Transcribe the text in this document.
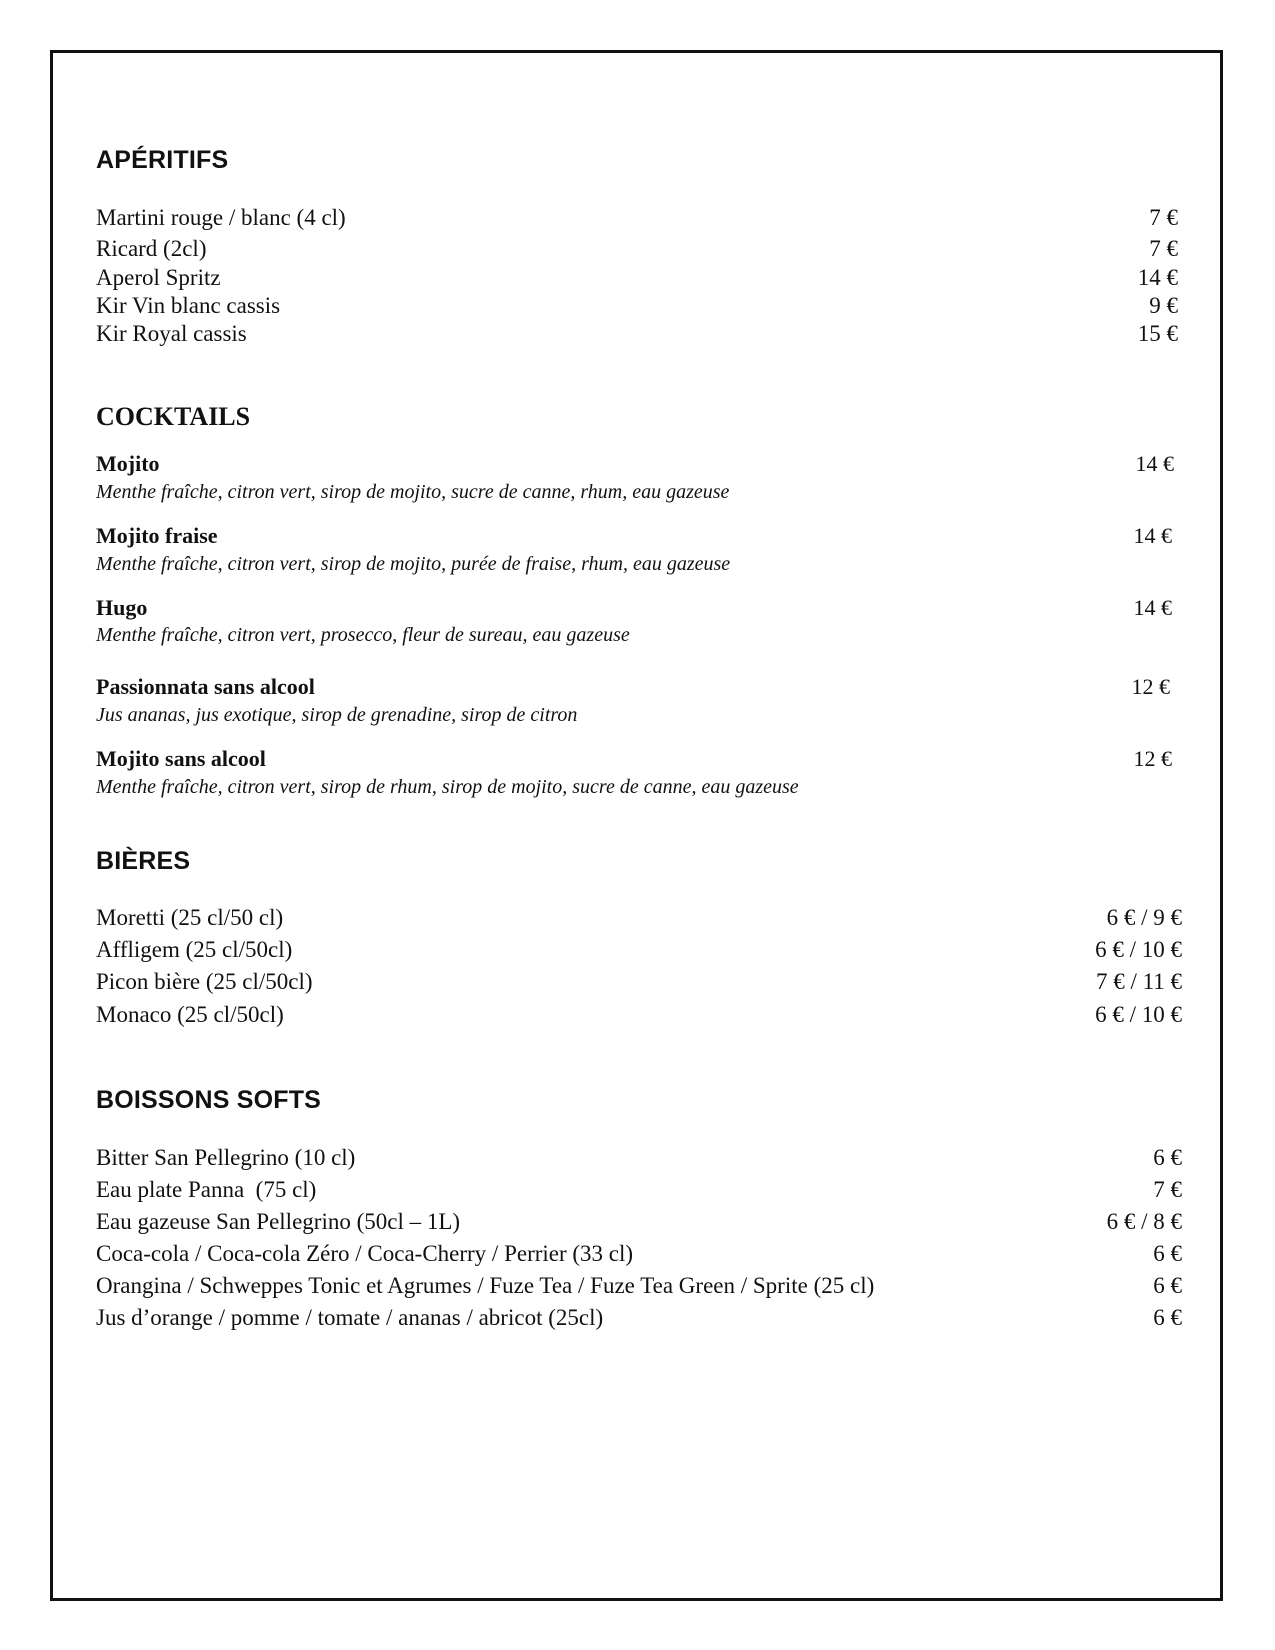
APÉRITIFS
Martini rouge / blanc (4 cl)	7 €
Ricard (2cl)	7 €
Aperol Spritz	14 €
Kir Vin blanc cassis	9 €
Kir Royal cassis	15 €
COCKTAILS
Mojito	14 €
Menthe fraîche, citron vert, sirop de mojito, sucre de canne, rhum, eau gazeuse
Mojito fraise	14 €
Menthe fraîche, citron vert, sirop de mojito, purée de fraise, rhum, eau gazeuse
Hugo	14 €
Menthe fraîche, citron vert, prosecco, fleur de sureau, eau gazeuse
Passionnata sans alcool	12 €
Jus ananas, jus exotique, sirop de grenadine, sirop de citron
Mojito sans alcool	12 €
Menthe fraîche, citron vert, sirop de rhum, sirop de mojito, sucre de canne, eau gazeuse
BIÈRES
Moretti (25 cl/50 cl)	6 € / 9 €
Affligem (25 cl/50cl)	6 € / 10 €
Picon bière (25 cl/50cl)	7 € / 11 €
Monaco (25 cl/50cl)	6 € / 10 €
BOISSONS SOFTS
Bitter San Pellegrino (10 cl)	6 €
Eau plate Panna  (75 cl)	7 €
Eau gazeuse San Pellegrino (50cl – 1L)	6 € / 8 €
Coca-cola / Coca-cola Zéro / Coca-Cherry / Perrier (33 cl)	6 €
Orangina / Schweppes Tonic et Agrumes / Fuze Tea / Fuze Tea Green / Sprite (25 cl)	6 €
Jus d’orange / pomme / tomate / ananas / abricot (25cl)	6 €
